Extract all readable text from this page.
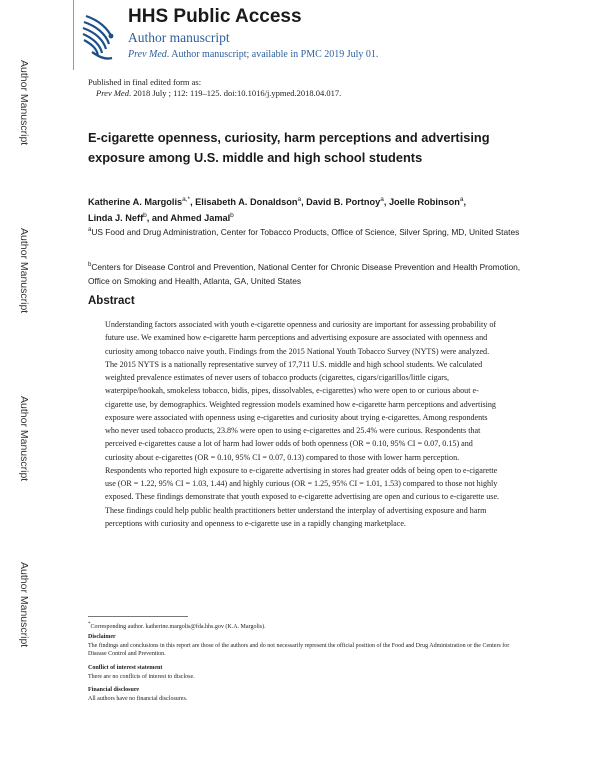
Author Manuscript
Author Manuscript
Author Manuscript
Author Manuscript
HHS Public Access
Author manuscript
Prev Med. Author manuscript; available in PMC 2019 July 01.
Published in final edited form as:
Prev Med. 2018 July ; 112: 119–125. doi:10.1016/j.ypmed.2018.04.017.
E-cigarette openness, curiosity, harm perceptions and advertising exposure among U.S. middle and high school students
Katherine A. Margolis$^{a,*}$, Elisabeth A. Donaldson$^a$, David B. Portnoy$^a$, Joelle Robinson$^a$,
Linda J. Neff$^b$, and Ahmed Jamal$^b$
$^a$US Food and Drug Administration, Center for Tobacco Products, Office of Science, Silver Spring, MD, United States
$^b$Centers for Disease Control and Prevention, National Center for Chronic Disease Prevention and Health Promotion, Office on Smoking and Health, Atlanta, GA, United States
Abstract
Understanding factors associated with youth e-cigarette openness and curiosity are important for assessing probability of future use. We examined how e-cigarette harm perceptions and advertising exposure are associated with openness and curiosity among tobacco naive youth. Findings from the 2015 National Youth Tobacco Survey (NYTS) were analyzed. The 2015 NYTS is a nationally representative survey of 17,711 U.S. middle and high school students. We calculated weighted prevalence estimates of never users of tobacco products (cigarettes, cigars/cigarillos/little cigars, waterpipe/hookah, smokeless tobacco, bidis, pipes, dissolvables, e-cigarettes) who were open to or curious about e-cigarette use, by demographics. Weighted regression models examined how e-cigarette harm perceptions and advertising exposure were associated with openness using e-cigarettes and curiosity about trying e-cigarettes. Among respondents who never used tobacco products, 23.8% were open to using e-cigarettes and 25.4% were curious. Respondents that perceived e-cigarettes cause a lot of harm had lower odds of both openness (OR = 0.10, 95% CI = 0.07, 0.15) and curiosity about e-cigarettes (OR = 0.10, 95% CI = 0.07, 0.13) compared to those with lower harm perception. Respondents who reported high exposure to e-cigarette advertising in stores had greater odds of being open to e-cigarette use (OR = 1.22, 95% CI = 1.03, 1.44) and highly curious (OR = 1.25, 95% CI = 1.01, 1.53) compared to those not highly exposed. These findings demonstrate that youth exposed to e-cigarette advertising are open and curious to e-cigarette use. These findings could help public health practitioners better understand the interplay of advertising exposure and harm perceptions with curiosity and openness to e-cigarette use in a rapidly changing marketplace.
*Corresponding author. katherine.margolis@fda.hhs.gov (K.A. Margolis).
Disclaimer
The findings and conclusions in this report are those of the authors and do not necessarily represent the official position of the Food and Drug Administration or the Centers for Disease Control and Prevention.
Conflict of interest statement
There are no conflicts of interest to disclose.
Financial disclosure
All authors have no financial disclosures.
